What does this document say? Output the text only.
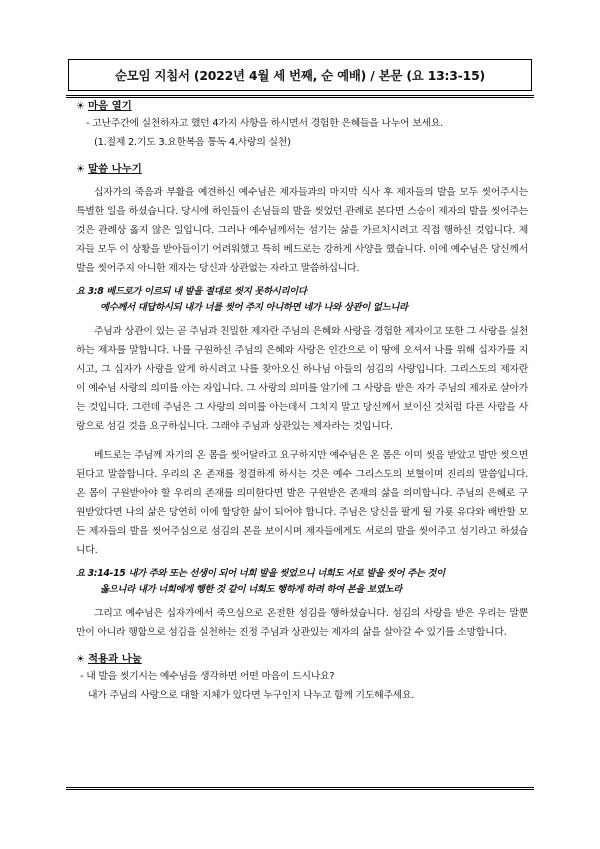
순모임 지침서 (2022년 4월 세 번째, 순 예배) / 본문 (요 13:3-15)
☀ 마음 열기
- 고난주간에 실천하자고 했던 4가지 사항을 하시면서 경험한 은혜들을 나누어 보세요.
(1.절제 2.기도 3.요한복음 통독 4.사랑의 실천)
☀ 말씀 나누기
십자가의 죽음과 부활을 예견하신 예수님은 제자들과의 마지막 식사 후 제자들의 발을 모두 씻어주시는 특별한 일을 하셨습니다. 당시에 하인들이 손님들의 발을 씻었던 관례로 본다면 스승이 제자의 발을 씻어주는 것은 관례상 옳지 않은 일입니다. 그러나 예수님께서는 섬기는 삶을 가르치시려고 직접 행하신 것입니다. 제자들 모두 이 상황을 받아들이기 어려워했고 특히 베드로는 강하게 사양을 했습니다. 이에 예수님은 당신께서 발을 씻어주지 아니한 제자는 당신과 상관없는 자라고 말씀하십니다.
요 3:8 베드로가 이르되 내 발을 절대로 씻지 못하시리이다
예수께서 대답하시되 내가 너를 씻어 주지 아니하면 네가 나와 상관이 없느니라
주님과 상관이 있는 곧 주님과 친밀한 제자란 주님의 은혜와 사랑을 경험한 제자이고 또한 그 사랑을 실천하는 제자를 말합니다. 나를 구원하신 주님의 은혜와 사랑은 인간으로 이 땅에 오셔서 나를 위해 십자가를 지시고, 그 십자가 사랑을 알게 하시려고 나를 찾아오신 하나님 아들의 섬김의 사랑입니다. 그리스도의 제자란 이 예수님 사랑의 의미를 아는 자입니다. 그 사랑의 의미를 알기에 그 사랑을 받은 자가 주님의 제자로 살아가는 것입니다. 그런데 주님은 그 사랑의 의미를 아는데서 그치지 말고 당신께서 보이신 것처럼 다른 사람을 사랑으로 섬길 것을 요구하십니다. 그래야 주님과 상관있는 제자라는 것입니다.
베드로는 주님께 자기의 온 몸을 씻어달라고 요구하지만 예수님은 온 몸은 이미 씻음 받았고 발만 씻으면 된다고 말씀합니다. 우리의 온 존재를 정결하게 하시는 것은 예수 그리스도의 보혈이며 진리의 말씀입니다. 온 몸이 구원받아야 할 우리의 존재를 의미한다면 발은 구원받은 존재의 삶을 의미합니다. 주님의 은혜로 구원받았다면 나의 삶은 당연히 이에 합당한 삶이 되어야 합니다. 주님은 당신을 팔게 될 가룟 유다와 배반할 모든 제자들의 발을 씻어주심으로 섬김의 본을 보이시며 제자들에게도 서로의 발을 씻어주고 섬기라고 하셨습니다.
요 3:14-15 내가 주와 또는 선생이 되어 너희 발을 씻었으니 너희도 서로 발을 씻어 주는 것이
옳으니라 내가 너희에게 행한 것 같이 너희도 행하게 하려 하여 본을 보였노라
그리고 예수님은 십자가에서 죽으심으로 온전한 섬김을 행하셨습니다. 섬김의 사랑을 받은 우리는 말뿐만이 아니라 행함으로 섬김을 실천하는 진정 주님과 상관있는 제자의 삶을 살아갈 수 있기를 소망합니다.
☀ 적용과 나눔
- 내 발을 씻기시는 예수님을 생각하면 어떤 마음이 드시나요?
내가 주님의 사랑으로 대할 지체가 있다면 누구인지 나누고 함께 기도해주세요.
